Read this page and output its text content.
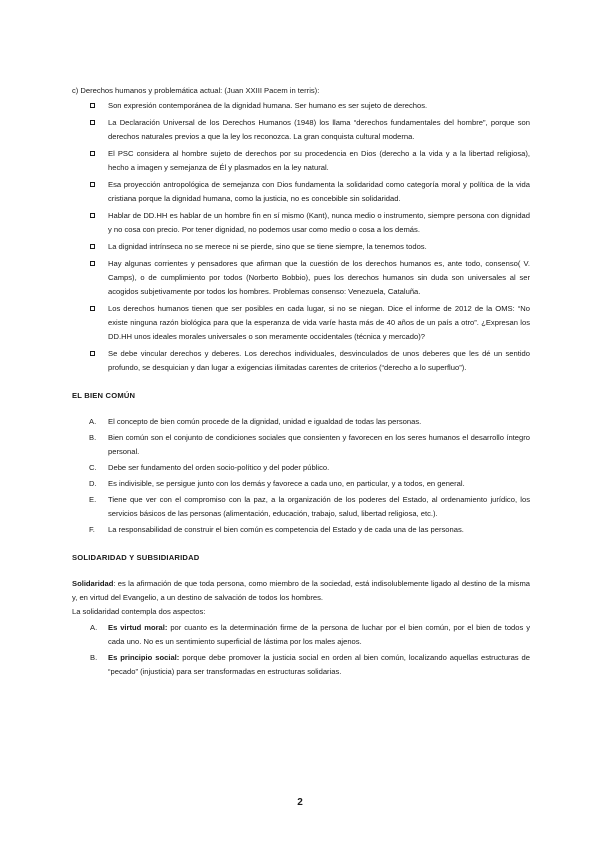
c) Derechos humanos y problemática actual: (Juan XXIII Pacem in terris):

Son expresión contemporánea de la dignidad humana. Ser humano es ser sujeto de derechos.
La Declaración Universal de los Derechos Humanos (1948) los llama “derechos fundamentales del hombre”, porque son derechos naturales previos a que la ley los reconozca. La gran conquista cultural moderna.
El PSC considera al hombre sujeto de derechos por su procedencia en Dios (derecho a la vida y a la libertad religiosa), hecho a imagen y semejanza de Él y plasmados en la ley natural.
Esa proyección antropológica de semejanza con Dios fundamenta la solidaridad como categoría moral y política de la vida cristiana porque la dignidad humana, como la justicia, no es concebible sin solidaridad.
Hablar de DD.HH es hablar de un hombre fin en sí mismo (Kant), nunca medio o instrumento, siempre persona con dignidad y no cosa con precio. Por tener dignidad, no podemos usar como medio o cosa a los demás.
La dignidad intrínseca no se merece ni se pierde, sino que se tiene siempre, la tenemos todos.
Hay algunas corrientes y pensadores que afirman que la cuestión de los derechos humanos es, ante todo, consenso( V. Camps), o de cumplimiento por todos (Norberto Bobbio), pues los derechos humanos sin duda son universales al ser acogidos subjetivamente por todos los hombres. Problemas consenso: Venezuela, Cataluña.
Los derechos humanos tienen que ser posibles en cada lugar, si no se niegan. Dice el informe de 2012 de la OMS: “No existe ninguna razón biológica para que la esperanza de vida varíe hasta más de 40 años de un país a otro”. ¿Expresan los DD.HH unos ideales morales universales o son meramente occidentales (técnica y mercado)?
Se debe vincular derechos y deberes. Los derechos individuales, desvinculados de unos deberes que les dé un sentido profundo, se desquician y dan lugar a exigencias ilimitadas carentes de criterios (“derecho a lo superfluo”).
EL BIEN COMÚN
A. El concepto de bien común procede de la dignidad, unidad e igualdad de todas las personas.
B. Bien común son el conjunto de condiciones sociales que consienten y favorecen en los seres humanos el desarrollo íntegro personal.
C. Debe ser fundamento del orden socio-político y del poder público.
D. Es indivisible, se persigue junto con los demás y favorece a cada uno, en particular, y a todos, en general.
E. Tiene que ver con el compromiso con la paz, a la organización de los poderes del Estado, al ordenamiento jurídico, los servicios básicos de las personas (alimentación, educación, trabajo, salud, libertad religiosa, etc.).
F. La responsabilidad de construir el bien común es competencia del Estado y de cada una de las personas.
SOLIDARIDAD Y SUBSIDIARIDAD

Solidaridad: es la afirmación de que toda persona, como miembro de la sociedad, está indisolublemente ligado al destino de la misma y, en virtud del Evangelio, a un destino de salvación de todos los hombres.

La solidaridad contempla dos aspectos:

A. Es virtud moral: por cuanto es la determinación firme de la persona de luchar por el bien común, por el bien de todos y cada uno. No es un sentimiento superficial de lástima por los males ajenos.
B. Es principio social: porque debe promover la justicia social en orden al bien común, localizando aquellas estructuras de “pecado” (injusticia) para ser transformadas en estructuras solidarias.
2
